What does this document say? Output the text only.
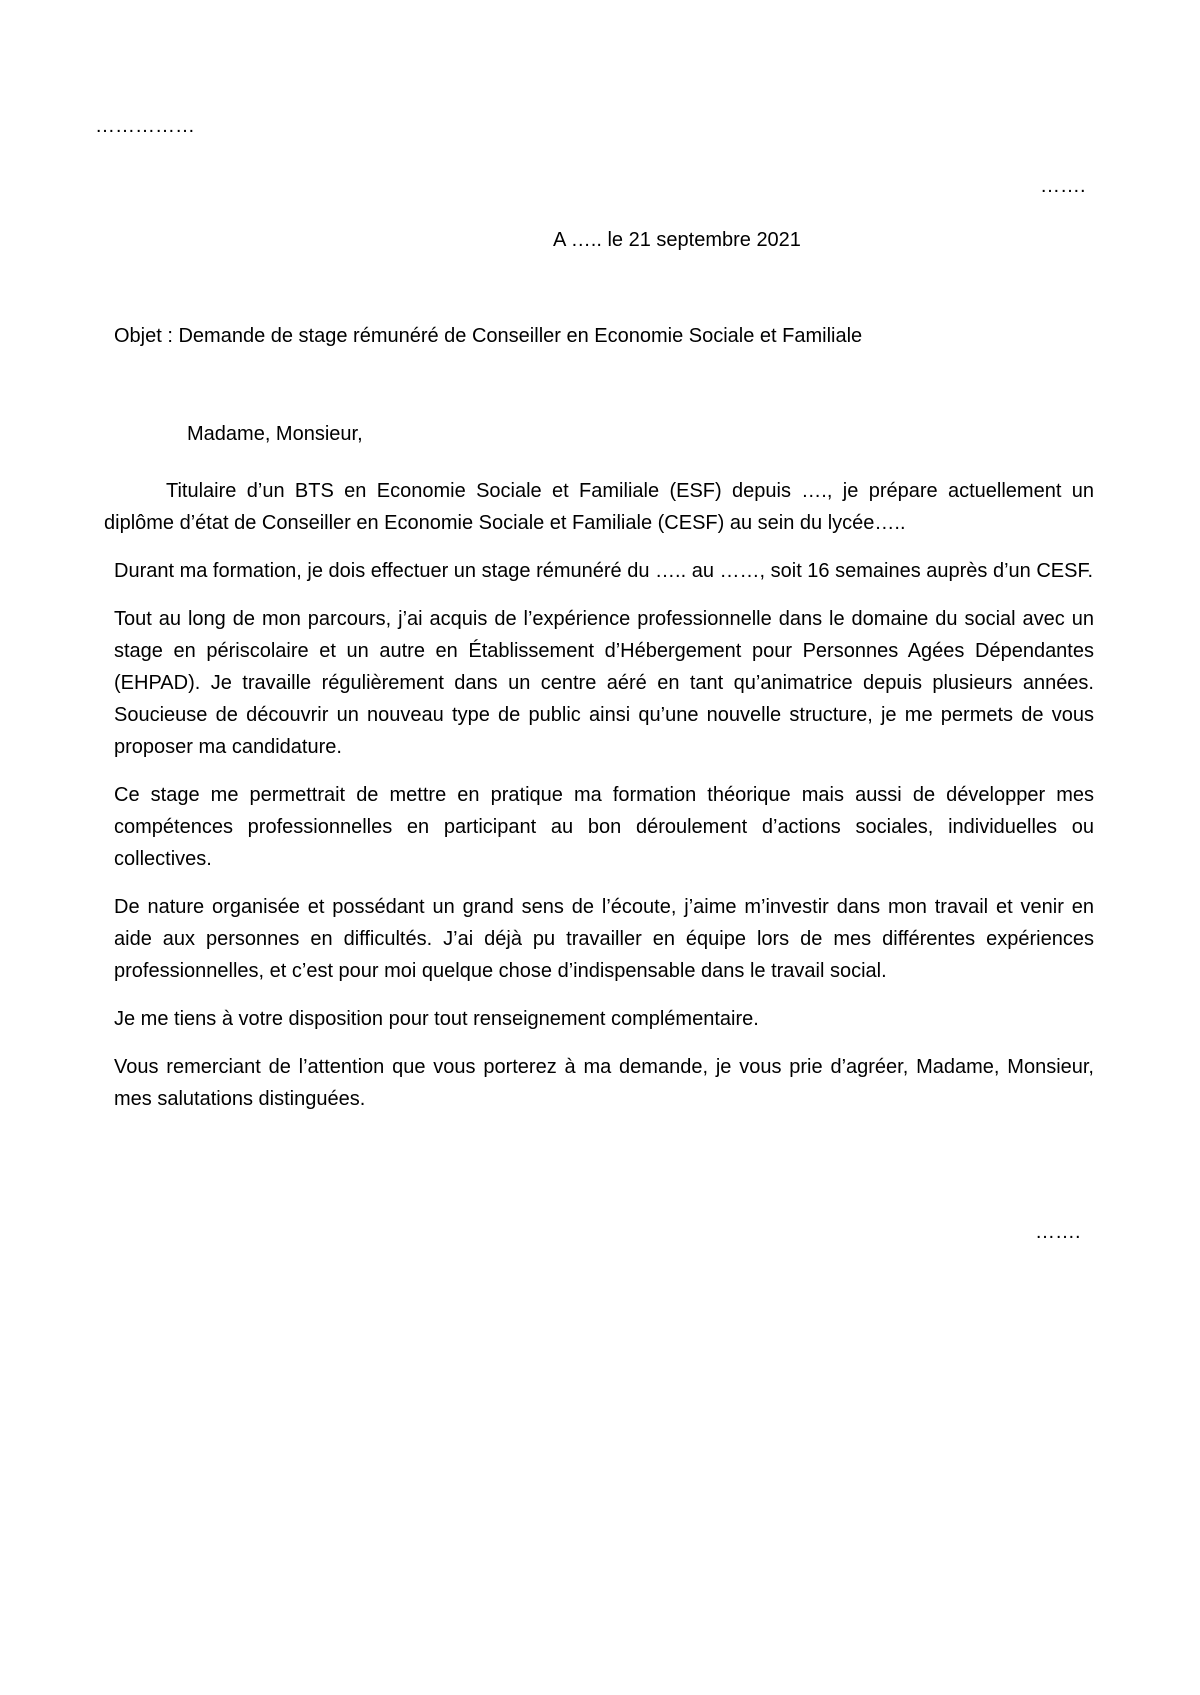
……………
…….
A ….. le 21 septembre 2021
Objet : Demande de stage rémunéré de Conseiller en Economie Sociale et Familiale
Madame, Monsieur,

Titulaire d’un BTS en Economie Sociale et Familiale (ESF) depuis …., je prépare actuellement un diplôme d’état de Conseiller en Economie Sociale et Familiale (CESF) au sein du lycée…..

Durant ma formation, je dois effectuer un stage rémunéré du ….. au ……, soit 16 semaines auprès d’un CESF.

Tout au long de mon parcours, j’ai acquis de l’expérience professionnelle dans le domaine du social avec un stage en périscolaire et un autre en Établissement d’Hébergement pour Personnes Agées Dépendantes (EHPAD). Je travaille régulièrement dans un centre aéré en tant qu’animatrice depuis plusieurs années. Soucieuse de découvrir un nouveau type de public ainsi qu’une nouvelle structure, je me permets de vous proposer ma candidature.

Ce stage me permettrait de mettre en pratique ma formation théorique mais aussi de développer mes compétences professionnelles en participant au bon déroulement d’actions sociales, individuelles ou collectives.

De nature organisée et possédant un grand sens de l’écoute, j’aime m’investir dans mon travail et venir en aide aux personnes en difficultés. J’ai déjà pu travailler en équipe lors de mes différentes expériences professionnelles, et c’est pour moi quelque chose d’indispensable dans le travail social.

Je me tiens à votre disposition pour tout renseignement complémentaire.

Vous remerciant de l’attention que vous porterez à ma demande, je vous prie d’agréer, Madame, Monsieur, mes salutations distinguées.

…….
